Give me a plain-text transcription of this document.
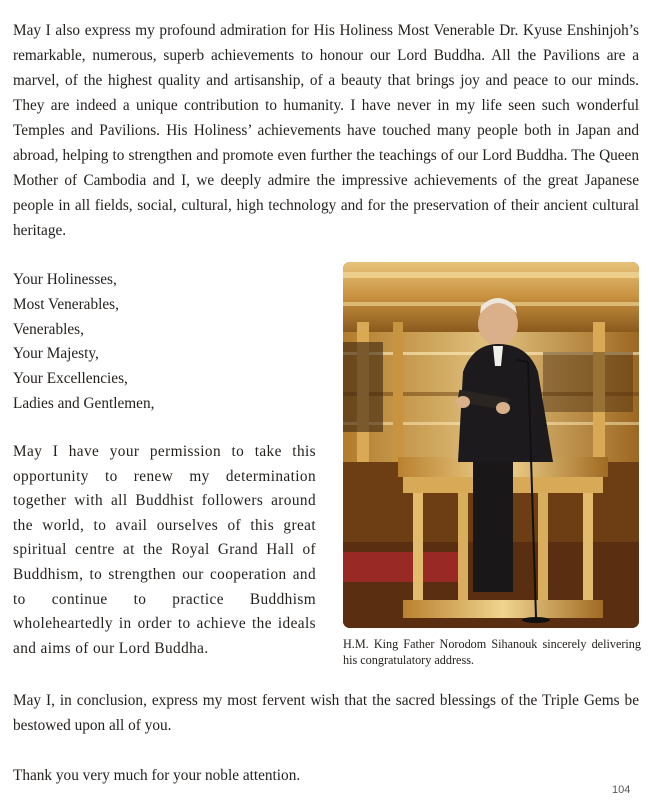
May I also express my profound admiration for His Holiness Most Venerable Dr. Kyuse Enshinjoh’s remarkable, numerous, superb achievements to honour our Lord Buddha. All the Pavilions are a marvel, of the highest quality and artisanship, of a beauty that brings joy and peace to our minds. They are indeed a unique contribution to humanity. I have never in my life seen such wonderful Temples and Pavilions. His Holiness’ achievements have touched many people both in Japan and abroad, helping to strengthen and promote even further the teachings of our Lord Buddha. The Queen Mother of Cambodia and I, we deeply admire the impressive achievements of the great Japanese people in all fields, social, cultural, high technology and for the preservation of their ancient cultural heritage.

Your Holinesses,
Most Venerables,
Venerables,
Your Majesty,
Your Excellencies,
Ladies and Gentlemen,

May I have your permission to take this opportunity to renew my determination together with all Buddhist followers around the world, to avail ourselves of this great spiritual centre at the Royal Grand Hall of Buddhism, to strengthen our cooperation and to continue to practice Buddhism wholeheartedly in order to achieve the ideals and aims of our Lord Buddha.	H.M. King Father Norodom Sihanouk sincerely delivering his congratulatory address.

May I, in conclusion, express my most fervent wish that the sacred blessings of the Triple Gems be bestowed upon all of you.

Thank you very much for your noble attention.

104
